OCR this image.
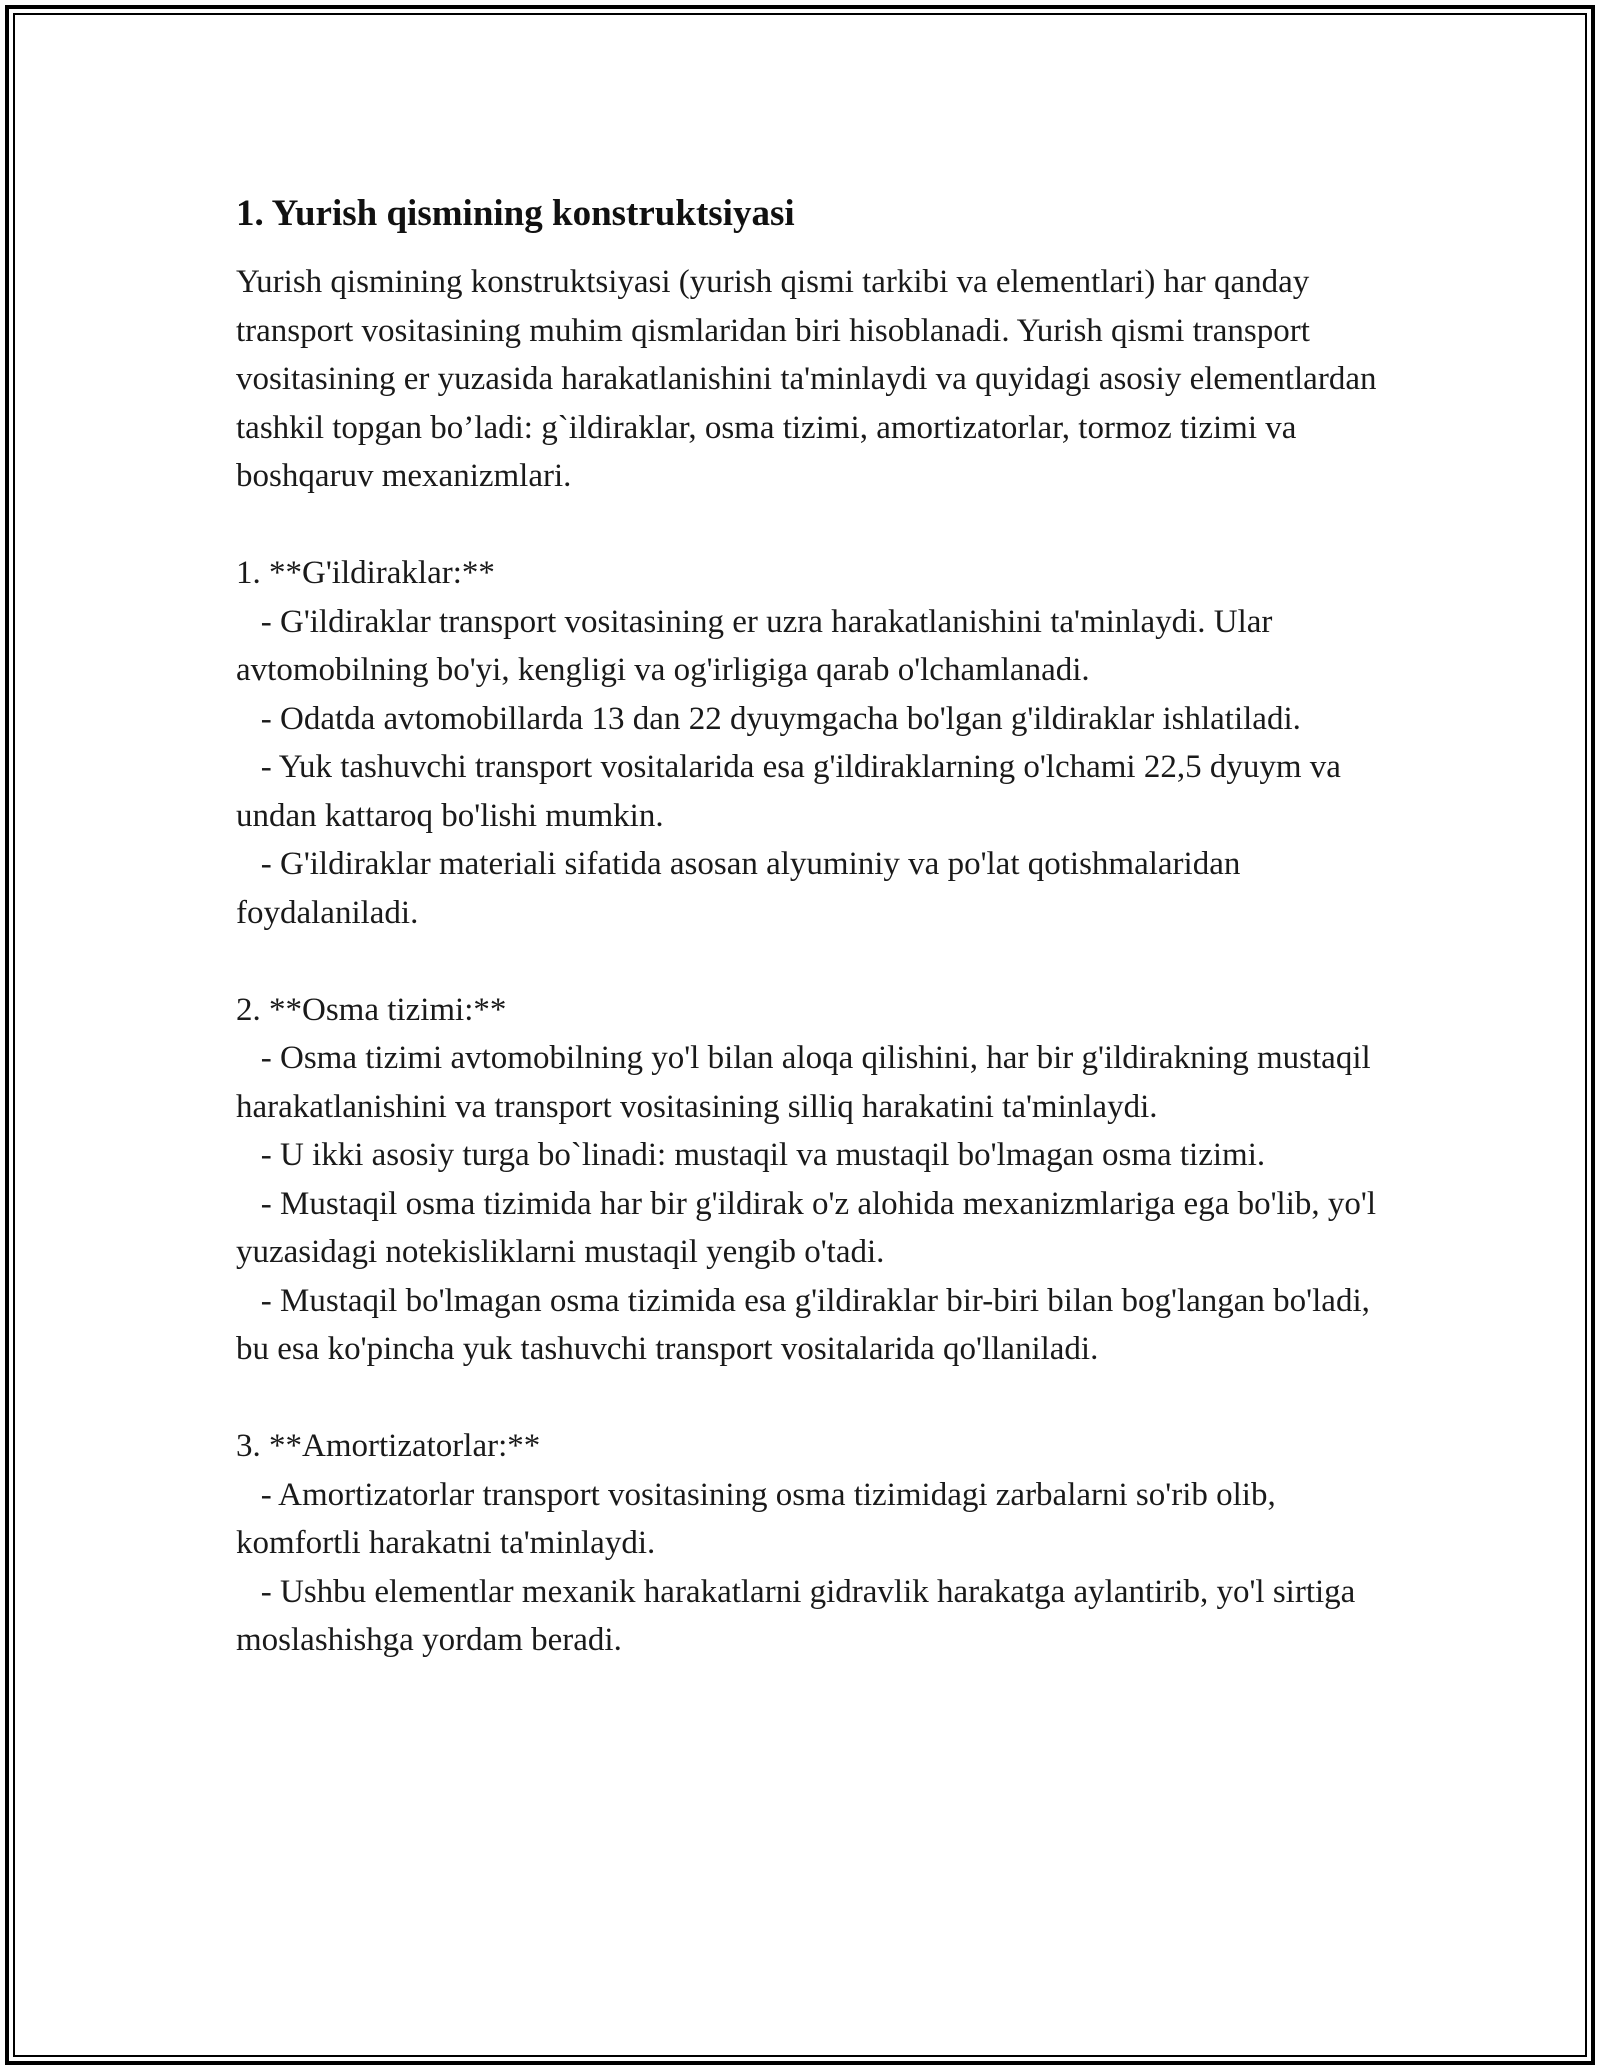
1. Yurish qismining konstruktsiyasi

Yurish qismining konstruktsiyasi (yurish qismi tarkibi va elementlari) har qanday transport vositasining muhim qismlaridan biri hisoblanadi. Yurish qismi transport vositasining er yuzasida harakatlanishini ta'minlaydi va quyidagi asosiy elementlardan tashkil topgan bo’ladi: g`ildiraklar, osma tizimi, amortizatorlar, tormoz tizimi va boshqaruv mexanizmlari.

1. **G'ildiraklar:**

- G'ildiraklar transport vositasining er uzra harakatlanishini ta'minlaydi. Ular avtomobilning bo'yi, kengligi va og'irligiga qarab o'lchamlanadi.

- Odatda avtomobillarda 13 dan 22 dyuymgacha bo'lgan g'ildiraklar ishlatiladi.

- Yuk tashuvchi transport vositalarida esa g'ildiraklarning o'lchami 22,5 dyuym va undan kattaroq bo'lishi mumkin.

- G'ildiraklar materiali sifatida asosan alyuminiy va po'lat qotishmalaridan foydalaniladi.

2. **Osma tizimi:**

- Osma tizimi avtomobilning yo'l bilan aloqa qilishini, har bir g'ildirakning mustaqil harakatlanishini va transport vositasining silliq harakatini ta'minlaydi.

- U ikki asosiy turga bo`linadi: mustaqil va mustaqil bo'lmagan osma tizimi.

- Mustaqil osma tizimida har bir g'ildirak o'z alohida mexanizmlariga ega bo'lib, yo'l yuzasidagi notekisliklarni mustaqil yengib o'tadi.

- Mustaqil bo'lmagan osma tizimida esa g'ildiraklar bir-biri bilan bog'langan bo'ladi, bu esa ko'pincha yuk tashuvchi transport vositalarida qo'llaniladi.

3. **Amortizatorlar:**

- Amortizatorlar transport vositasining osma tizimidagi zarbalarni so'rib olib, komfortli harakatni ta'minlaydi.

- Ushbu elementlar mexanik harakatlarni gidravlik harakatga aylantirib, yo'l sirtiga moslashishga yordam beradi.
